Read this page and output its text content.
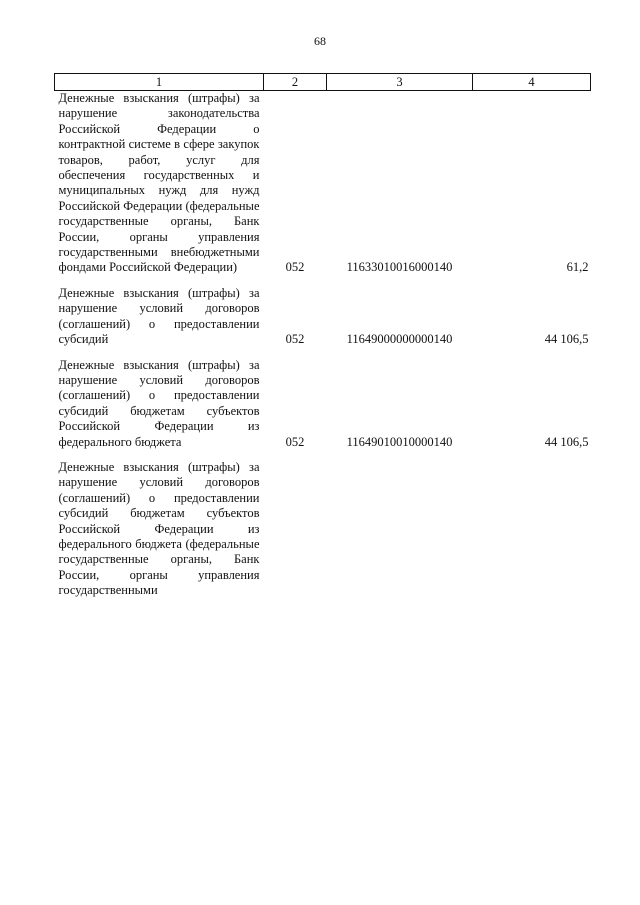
68
1	2	3	4

Денежные взыскания (штрафы) за нарушение законодательства Российской Федерации о контрактной системе в сфере закупок товаров, работ, услуг для обеспечения государственных и муниципальных нужд для нужд Российской Федерации (федеральные государственные органы, Банк России, органы управления государственными внебюджетными фондами Российской Федерации)	052	11633010016000140	61,2

Денежные взыскания (штрафы) за нарушение условий договоров (соглашений) о предоставлении субсидий	052	11649000000000140	44 106,5

Денежные взыскания (штрафы) за нарушение условий договоров (соглашений) о предоставлении субсидий бюджетам субъектов Российской Федерации из федерального бюджета	052	11649010010000140	44 106,5

Денежные взыскания (штрафы) за нарушение условий договоров (соглашений) о предоставлении субсидий бюджетам субъектов Российской Федерации из федерального бюджета (федеральные государственные органы, Банк России, органы управления государственными			
